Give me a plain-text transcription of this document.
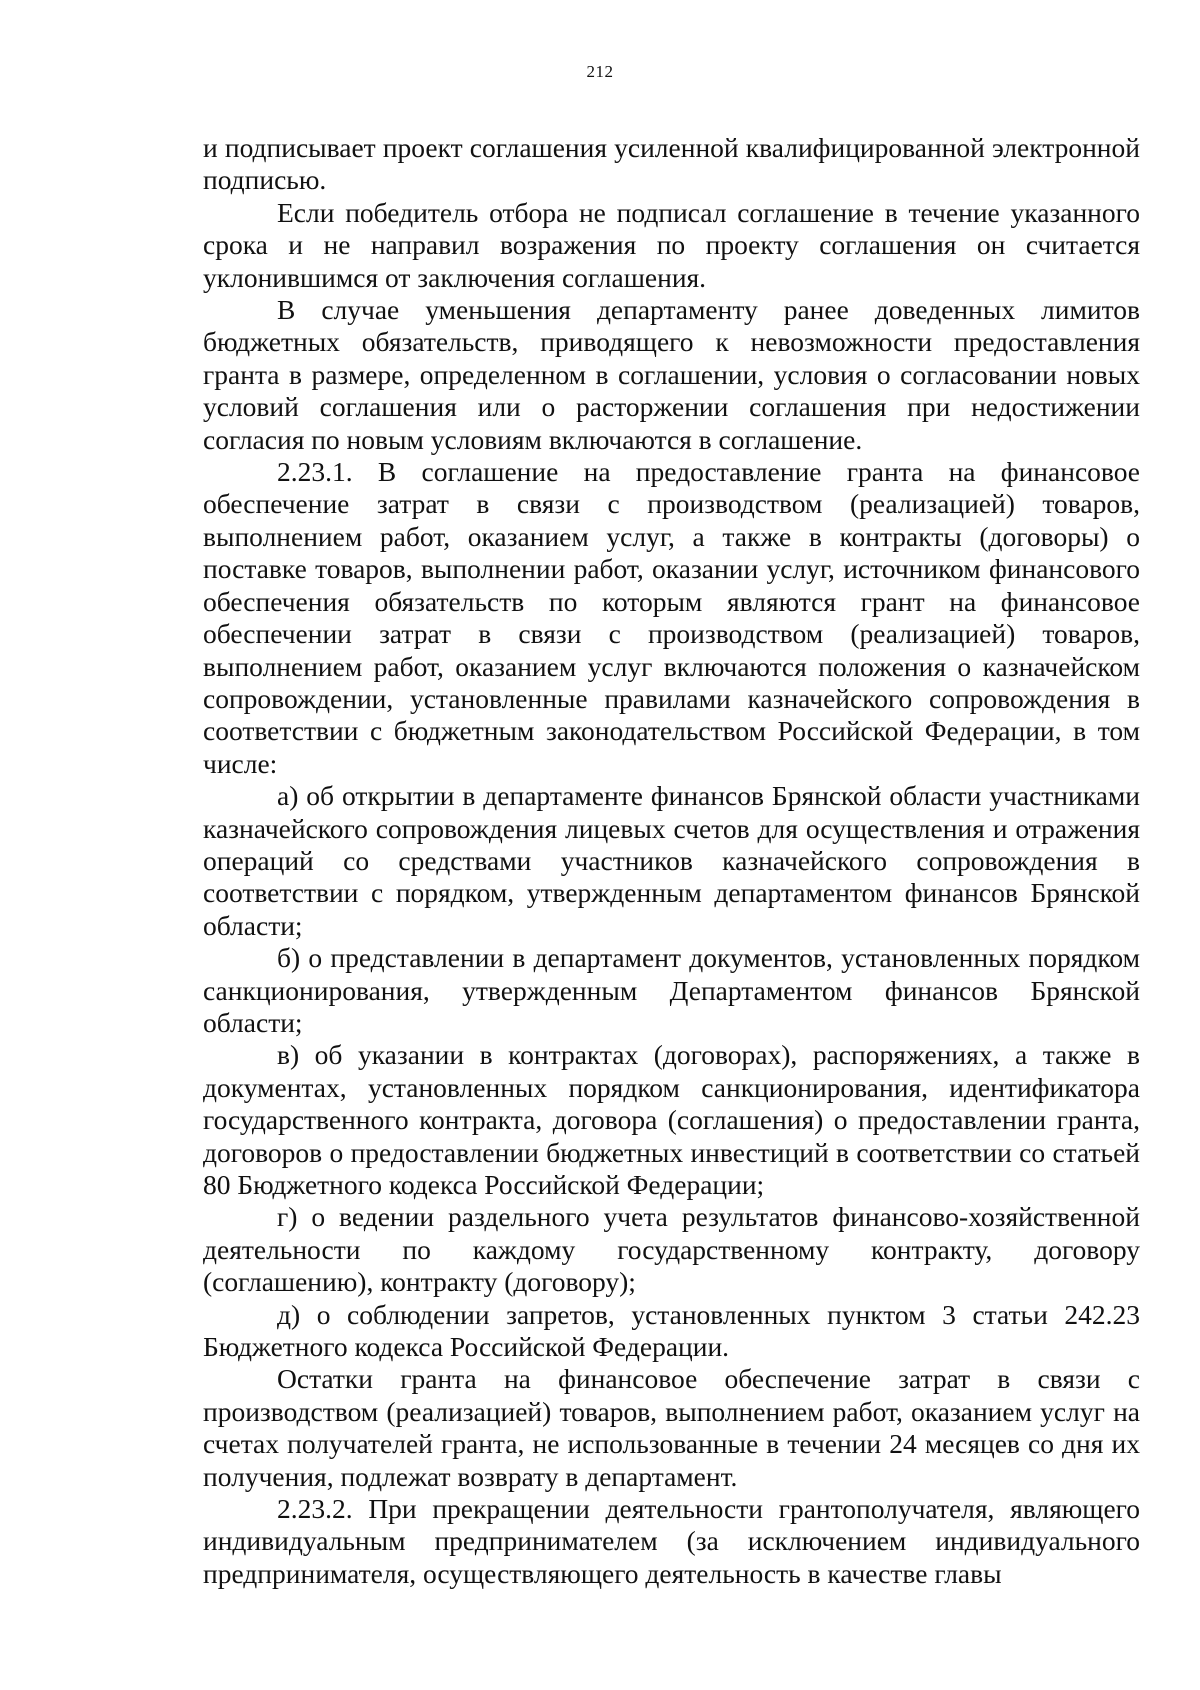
212

и подписывает проект соглашения усиленной квалифицированной электронной подписью.

Если победитель отбора не подписал соглашение в течение указанного срока и не направил возражения по проекту соглашения он считается уклонившимся от заключения соглашения.

В случае уменьшения департаменту ранее доведенных лимитов бюджетных обязательств, приводящего к невозможности предоставления гранта в размере, определенном в соглашении, условия о согласовании новых условий соглашения или о расторжении соглашения при недостижении согласия по новым условиям включаются в соглашение.

2.23.1. В соглашение на предоставление гранта на финансовое обеспечение затрат в связи с производством (реализацией) товаров, выполнением работ, оказанием услуг, а также в контракты (договоры) о поставке товаров, выполнении работ, оказании услуг, источником финансового обеспечения обязательств по которым являются грант на финансовое обеспечении затрат в связи с производством (реализацией) товаров, выполнением работ, оказанием услуг включаются положения о казначейском сопровождении, установленные правилами казначейского сопровождения в соответствии с бюджетным законодательством Российской Федерации, в том числе:

а) об открытии в департаменте финансов Брянской области участниками казначейского сопровождения лицевых счетов для осуществления и отражения операций со средствами участников казначейского сопровождения в соответствии с порядком, утвержденным департаментом финансов Брянской области;

б) о представлении в департамент документов, установленных порядком санкционирования, утвержденным Департаментом финансов Брянской области;

в) об указании в контрактах (договорах), распоряжениях, а также в документах, установленных порядком санкционирования, идентификатора государственного контракта, договора (соглашения) о предоставлении гранта, договоров о предоставлении бюджетных инвестиций в соответствии со статьей 80 Бюджетного кодекса Российской Федерации;

г) о ведении раздельного учета результатов финансово-хозяйственной деятельности по каждому государственному контракту, договору (соглашению), контракту (договору);

д) о соблюдении запретов, установленных пунктом 3 статьи 242.23 Бюджетного кодекса Российской Федерации.

Остатки гранта на финансовое обеспечение затрат в связи с производством (реализацией) товаров, выполнением работ, оказанием услуг на счетах получателей гранта, не использованные в течении 24 месяцев со дня их получения, подлежат возврату в департамент.

2.23.2. При прекращении деятельности грантополучателя, являющего индивидуальным предпринимателем (за исключением индивидуального предпринимателя, осуществляющего деятельность в качестве главы
